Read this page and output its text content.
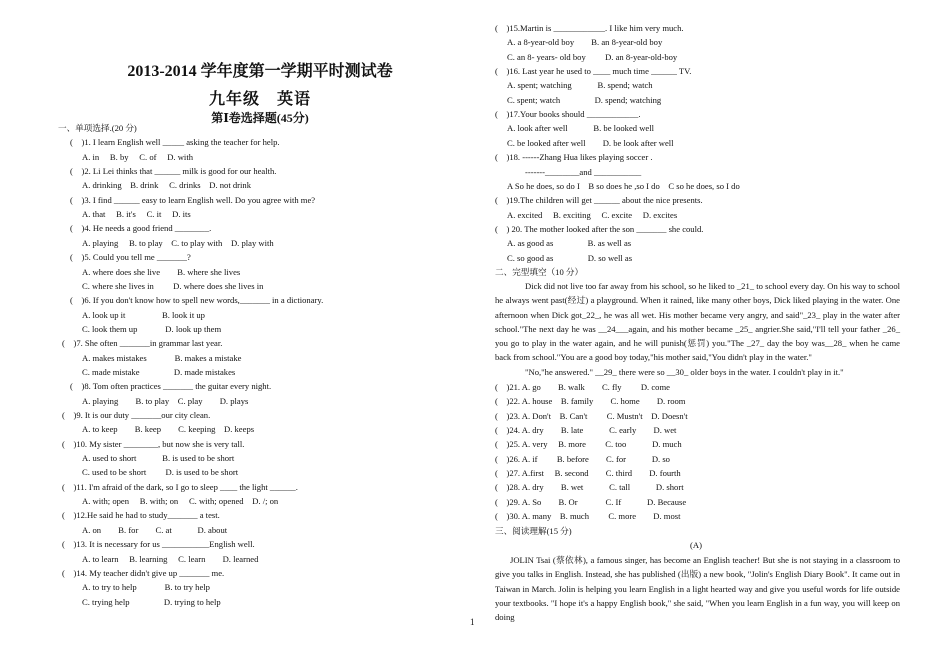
2013-2014 学年度第一学期平时测试卷
九年级　英语
第Ⅰ卷选择题(45分)
一、单项选择.(20 分)
(　)1. I learn English well _____ asking the teacher for help.
A. in　 B. by　 C. of　 D. with
(　)2. Li Lei thinks that ______ milk is good for our health.
A. drinking　B. drink　 C. drinks　D. not drink
(　)3. I find ______ easy to learn English well. Do you agree with me?
A. that　 B. it's　 C. it　 D. its
(　)4. He needs a good friend ________.
A. playing　 B. to play　C. to play with　D. play with
(　)5. Could you tell me _______?
A. where does she live　　B. where she lives
C. where she lives in　　 D. where does she lives in
(　)6. If you don't know how to spell new words,_______ in a dictionary.
A. look up it　　　　 B. look it up
C. look them up　　　 D. look up them
(　)7. She often _______in grammar last year.
A. makes mistakes　　　 B. makes a mistake
C. made mistake　　　　D. made mistakes
(　)8. Tom often practices _______ the guitar every night.
A. playing　　B. to play　C. play　　D. plays
(　)9. It is our duty _______our city clean.
A. to keep　　B. keep　　C. keeping　D. keeps
(　)10. My sister ________, but now she is very tall.
A. used to short　　　B. is used to be short
C. used to be short　　 D. is used to be short
(　)11. I'm afraid of the dark, so I go to sleep ____ the light ______.
A. with; open　 B. with; on　 C. with; opened　D. /; on
(　)12.He said he had to study_______ a test.
A. on　　B. for　　C. at　　　D. about
(　)13. It is necessary for us ___________English well.
A. to learn　 B. learning　 C. learn　　D. learned
(　)14. My teacher didn't give up _______ me.
A. to try to help　　　 B. to try help
C. trying help　　　　D. trying to help
(　)15.Martin is ____________. I like him very much.
A. a 8-year-old boy　　B. an 8-year-old boy
C. an 8- years- old boy　　 D. an 8-year-old-boy
(　)16. Last year he used to ____ much time ______ TV.
A. spent; watching　　　B. spend; watch
C. spent; watch　　　　D. spend; watching
(　)17.Your books should ____________.
A. look after well　　　B. be looked well
C. be looked after well　　D. be look after well
(　)18. ------Zhang Hua likes playing soccer .
-------________and ___________
A So he does, so do I　B so does he ,so I do　C so he does, so I do
(　)19.The children will get ______ about the nice presents.
A. excited　 B. exciting　 C. excite　 D. excites
(　) 20. The mother looked after the son _______ she could.
A. as good as　　　　B. as well as
C. so good as　　　　D. so well as
二、完型填空（10 分）
Dick did not live too far away from his school, so he liked to _21_ to school every day. On his way to school he always went past(经过) a playground. When it rained, like many other boys, Dick liked playing in the water. One afternoon when Dick got_22_, he was all wet. His mother became very angry, and said"_23_ play in the water after school."The next day he was __24___again, and his mother became _25_ angrier.She said,"I'll tell your father _26_ you go to play in the water again, and he will punish(惩罚) you."The _27_ day the boy was__28_ when he came back from school."You are a good boy today,"his mother said,"You didn't play in the water."
"No,"he answered." __29_ there were so __30_ older boys in the water. I couldn't play in it."
(　)21. A. go　　B. walk　　C. fly　　 D. come
(　)22. A. house　B. family　　C. home　　D. room
(　)23. A. Don't　B. Can't　　 C. Mustn't　D. Doesn't
(　)24. A. dry　　B. late　　　C. early　　D. wet
(　)25. A. very　 B. more　　 C. too　　　D. much
(　)26. A. if　　 B. before　　C. for　　　D. so
(　)27. A.first　 B. second　　C. third　　D. fourth
(　)28. A. dry　　B. wet　　　C. tall　　　D. short
(　)29. A. So　　B. Or　　　 C. If　　　D. Because
(　)30. A. many　B. much　　 C. more　　D. most
三、阅读理解(15 分)
(A)
JOLIN Tsai (蔡依林), a famous singer, has become an English teacher! But she is not staying in a classroom to give you talks in English. Instead, she has published (出版) a new book, "Jolin's English Diary Book". It came out in Taiwan in March. Jolin is helping you learn English in a light hearted way and give you useful words for life outside your textbooks. "I hope it's a happy English book," she said, "When you learn English in a fun way, you will keep on doing
1
